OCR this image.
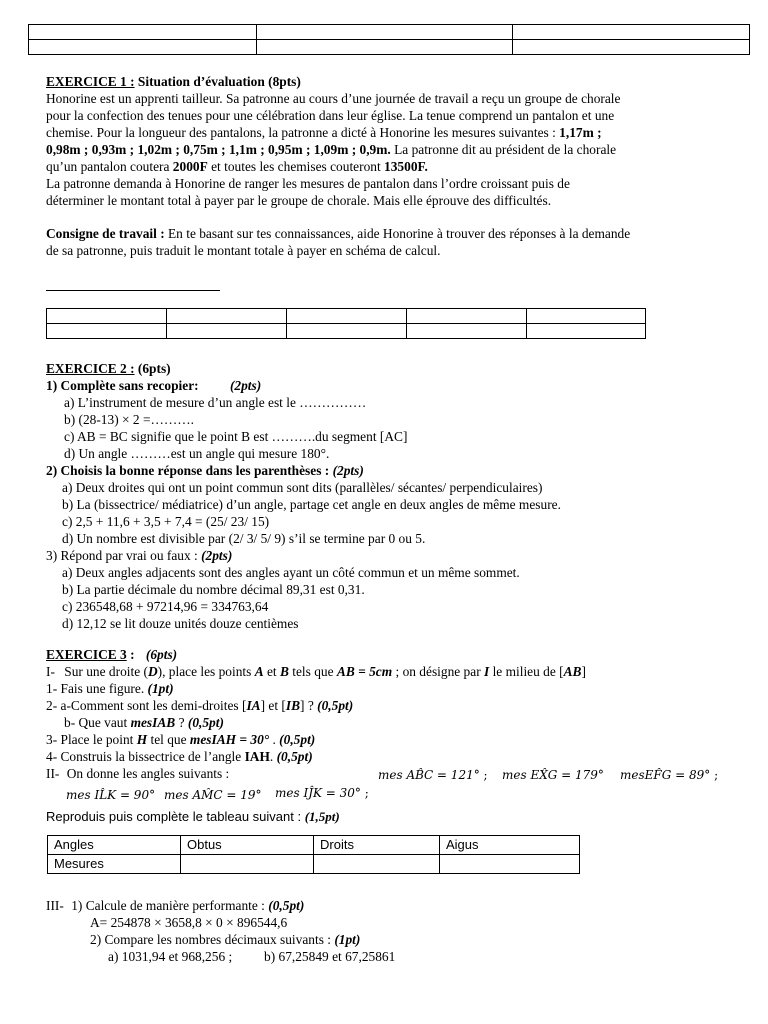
EXERCICE 1 : Situation d’évaluation (8pts)
Honorine est un apprenti tailleur. Sa patronne au cours d’une journée de travail a reçu un groupe de chorale
pour la confection des tenues pour une célébration dans leur église. La tenue comprend un pantalon et une
chemise. Pour la longueur des pantalons, la patronne a dicté à Honorine les mesures suivantes : 1,17m ;
0,98m ; 0,93m ; 1,02m ; 0,75m ; 1,1m ; 0,95m ; 1,09m ; 0,9m. La patronne dit au président de la chorale
qu’un pantalon coutera 2000F et toutes les chemises couteront 13500F.
La patronne demanda à Honorine de ranger les mesures de pantalon dans l’ordre croissant puis de
déterminer le montant total à payer par le groupe de chorale. Mais elle éprouve des difficultés.
Consigne de travail : En te basant sur tes connaissances, aide Honorine à trouver des réponses à la demande
de sa patronne, puis traduit le montant totale à payer en schéma de calcul.

EXERCICE 2 : (6pts)
1) Complète sans recopier: (2pts)
a) L’instrument de mesure d’un angle est le ……………
b) (28-13) × 2 =……….
c) AB = BC signifie que le point B est ……….du segment [AC]
d) Un angle ………est un angle qui mesure 180°.
2) Choisis la bonne réponse dans les parenthèses : (2pts)
a) Deux droites qui ont un point commun sont dits (parallèles/ sécantes/ perpendiculaires)
b) La (bissectrice/ médiatrice) d’un angle, partage cet angle en deux angles de même mesure.
c) 2,5 + 11,6 + 3,5 + 7,4 = (25/ 23/ 15)
d) Un nombre est divisible par (2/ 3/ 5/ 9) s’il se termine par 0 ou 5.
3) Répond par vrai ou faux : (2pts)
a) Deux angles adjacents sont des angles ayant un côté commun et un même sommet.
b) La partie décimale du nombre décimal 89,31 est 0,31.
c) 236548,68 + 97214,96 = 334763,64
d) 12,12 se lit douze unités douze centièmes
EXERCICE 3 : (6pts)
I- Sur une droite (D), place les points A et B tels que AB = 5cm ; on désigne par I le milieu de [AB]
1- Fais une figure. (1pt)
2- a-Comment sont les demi-droites [IA] et [IB] ? (0,5pt)
b- Que vaut mesIAB ? (0,5pt)
3- Place le point H tel que mesIAH = 30° . (0,5pt)
4- Construis la bissectrice de l’angle IAH. (0,5pt)
II- On donne les angles suivants :	mes AB̂C = 121° ; mes EX̂G = 179° mesEF̂G = 89° ;
mes IL̂K = 90° mes AM̂C = 19° mes IĴK = 30° ;
Reproduis puis complète le tableau suivant : (1,5pt)
Angles	Obtus	Droits	Aigus
Mesures			
III- 1) Calcule de manière performante : (0,5pt)
A= 254878 × 3658,8 × 0 × 896544,6
2) Compare les nombres décimaux suivants : (1pt)
a) 1031,94 et 968,256 ; b) 67,25849 et 67,25861
